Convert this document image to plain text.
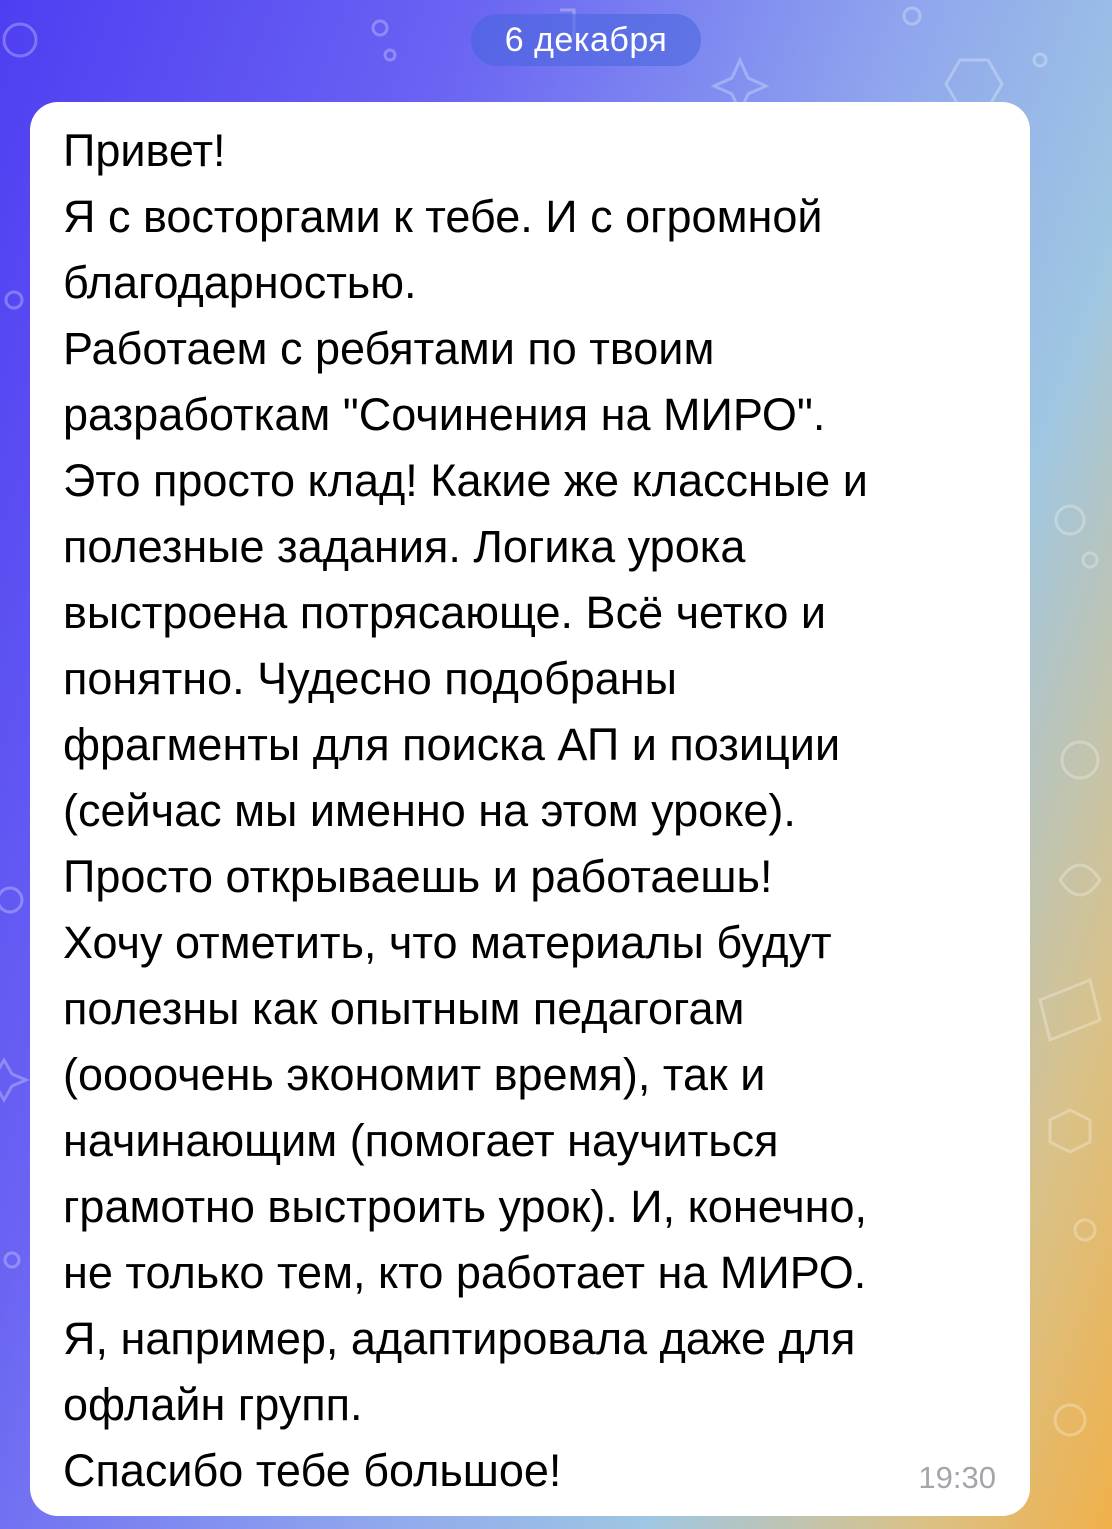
6 декабря
Привет!
Я с восторгами к тебе. И с огромной
благодарностью.
Работаем с ребятами по твоим
разработкам "Сочинения на МИРО".
Это просто клад! Какие же классные и
полезные задания. Логика урока
выстроена потрясающе. Всё четко и
понятно. Чудесно подобраны
фрагменты для поиска АП и позиции
(сейчас мы именно на этом уроке).
Просто открываешь и работаешь!
Хочу отметить, что материалы будут
полезны как опытным педагогам
(оооочень экономит время), так и
начинающим (помогает научиться
грамотно выстроить урок). И, конечно,
не только тем, кто работает на МИРО.
Я, например, адаптировала даже для
офлайн групп.
Спасибо тебе большое!	19:30
